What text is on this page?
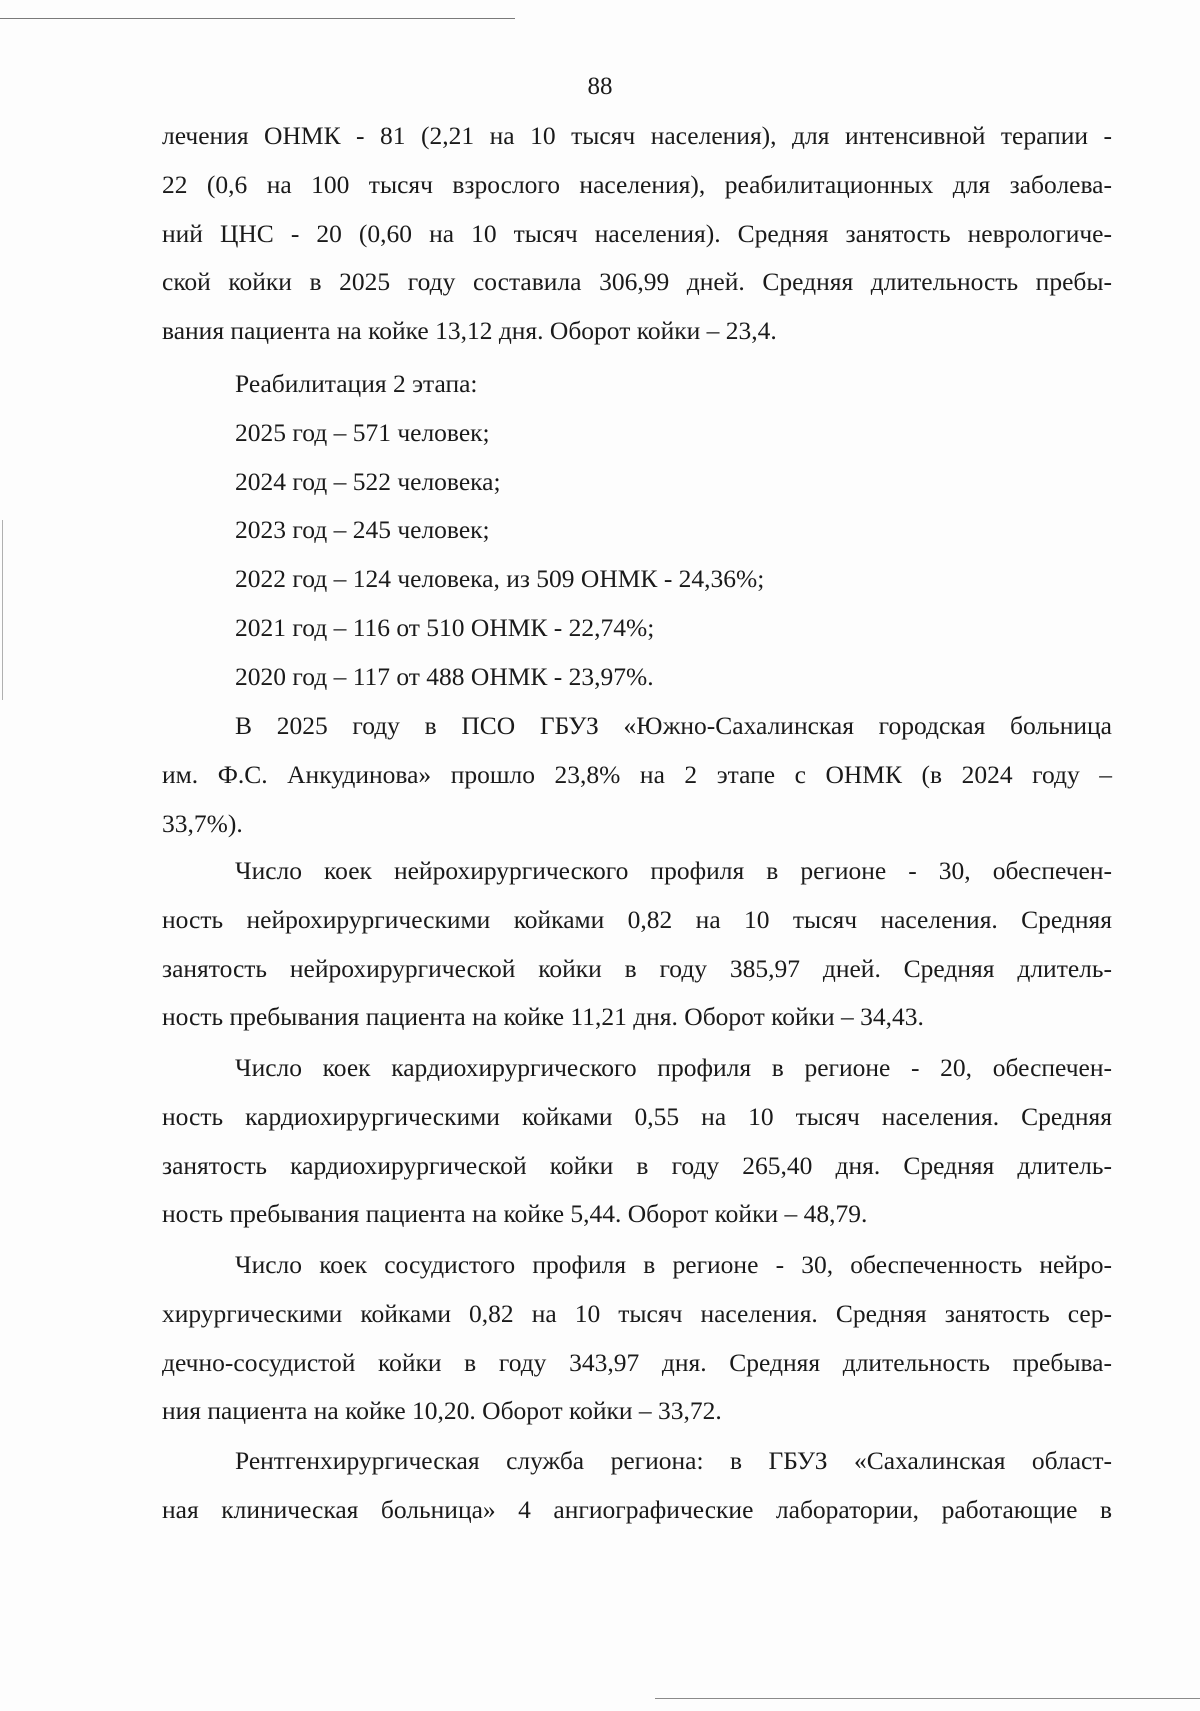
88
лечения ОНМК - 81 (2,21 на 10 тысяч населения), для интенсивной терапии -
22 (0,6 на 100 тысяч взрослого населения), реабилитационных для заболева-
ний ЦНС - 20 (0,60 на 10 тысяч населения). Средняя занятость неврологиче-
ской койки в 2025 году составила 306,99 дней. Средняя длительность пребы-
вания пациента на койке 13,12 дня. Оборот койки – 23,4.
Реабилитация 2 этапа:
2025 год – 571 человек;
2024 год – 522 человека;
2023 год – 245 человек;
2022 год – 124 человека, из 509 ОНМК - 24,36%;
2021 год – 116 от 510 ОНМК - 22,74%;
2020 год – 117 от 488 ОНМК - 23,97%.
В 2025 году в ПСО ГБУЗ «Южно-Сахалинская городская больница
им. Ф.С. Анкудинова» прошло 23,8% на 2 этапе с ОНМК (в 2024 году –
33,7%).
Число коек нейрохирургического профиля в регионе - 30, обеспечен-
ность нейрохирургическими койками 0,82 на 10 тысяч населения. Средняя
занятость нейрохирургической койки в году 385,97 дней. Средняя длитель-
ность пребывания пациента на койке 11,21 дня. Оборот койки – 34,43.
Число коек кардиохирургического профиля в регионе - 20, обеспечен-
ность кардиохирургическими койками 0,55 на 10 тысяч населения. Средняя
занятость кардиохирургической койки в году 265,40 дня. Средняя длитель-
ность пребывания пациента на койке 5,44. Оборот койки – 48,79.
Число коек сосудистого профиля в регионе - 30, обеспеченность нейро-
хирургическими койками 0,82 на 10 тысяч населения. Средняя занятость сер-
дечно-сосудистой койки в году 343,97 дня. Средняя длительность пребыва-
ния пациента на койке 10,20. Оборот койки – 33,72.
Рентгенхирургическая служба региона: в ГБУЗ «Сахалинская област-
ная клиническая больница» 4 ангиографические лаборатории, работающие в
